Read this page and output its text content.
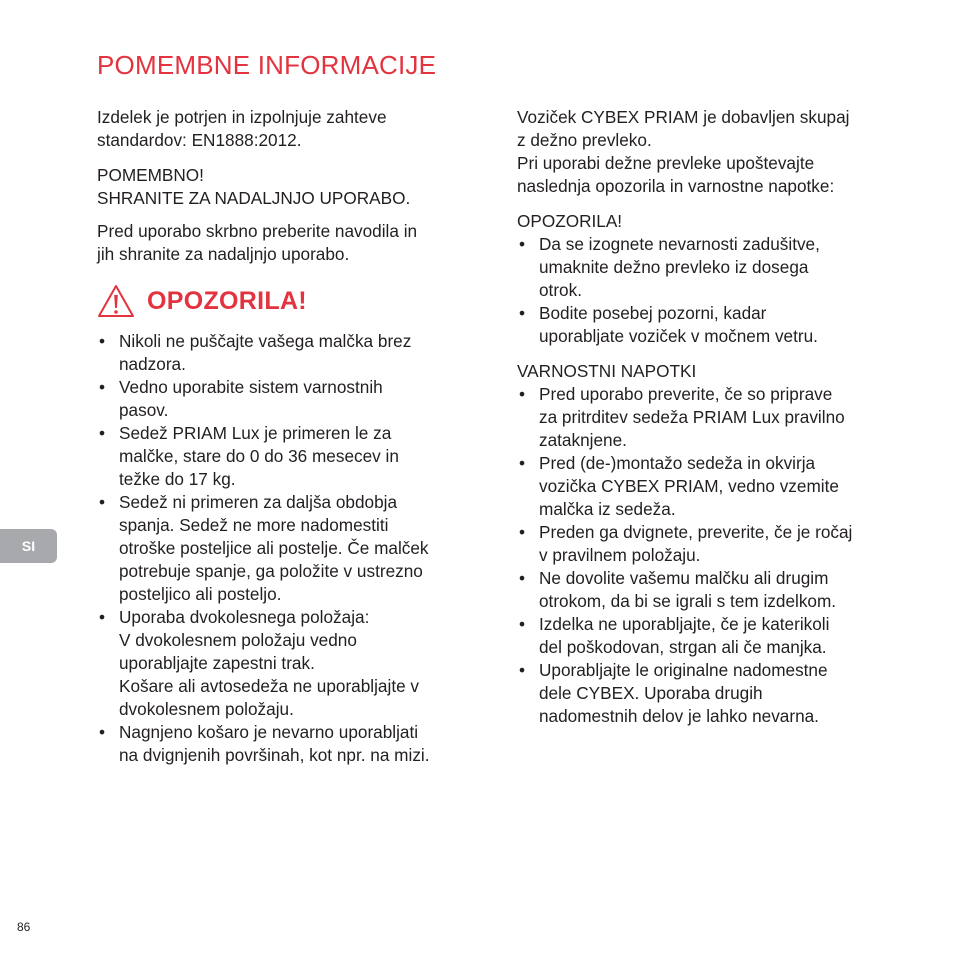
POMEMBNE INFORMACIJE

Izdelek je potrjen in izpolnjuje zahteve
standardov: EN1888:2012.

POMEMBNO!
SHRANITE ZA NADALJNJO UPORABO.

Pred uporabo skrbno preberite navodila in
jih shranite za nadaljnjo uporabo.

OPOZORILA!
• Nikoli ne puščajte vašega malčka brez
nadzora.
• Vedno uporabite sistem varnostnih
pasov.
• Sedež PRIAM Lux je primeren le za
malčke, stare do 0 do 36 mesecev in
težke do 17 kg.
• Sedež ni primeren za daljša obdobja
spanja. Sedež ne more nadomestiti
otroške posteljice ali postelje. Če malček
potrebuje spanje, ga položite v ustrezno
posteljico ali posteljo.
• Uporaba dvokolesnega položaja:
V dvokolesnem položaju vedno
uporabljajte zapestni trak.
Košare ali avtosedeža ne uporabljajte v
dvokolesnem položaju.
• Nagnjeno košaro je nevarno uporabljati
na dvignjenih površinah, kot npr. na mizi.

Voziček CYBEX PRIAM je dobavljen skupaj
z dežno prevleko.
Pri uporabi dežne prevleke upoštevajte
naslednja opozorila in varnostne napotke:

OPOZORILA!

• Da se izognete nevarnosti zadušitve,
umaknite dežno prevleko iz dosega
otrok.
• Bodite posebej pozorni, kadar
uporabljate voziček v močnem vetru.

VARNOSTNI NAPOTKI

• Pred uporabo preverite, če so priprave
za pritrditev sedeža PRIAM Lux pravilno
zataknjene.
• Pred (de-)montažo sedeža in okvirja
vozička CYBEX PRIAM, vedno vzemite
malčka iz sedeža.
• Preden ga dvignete, preverite, če je ročaj
v pravilnem položaju.
• Ne dovolite vašemu malčku ali drugim
otrokom, da bi se igrali s tem izdelkom.
• Izdelka ne uporabljajte, če je katerikoli
del poškodovan, strgan ali če manjka.
• Uporabljajte le originalne nadomestne
dele CYBEX. Uporaba drugih
nadomestnih delov je lahko nevarna.
SI
86
